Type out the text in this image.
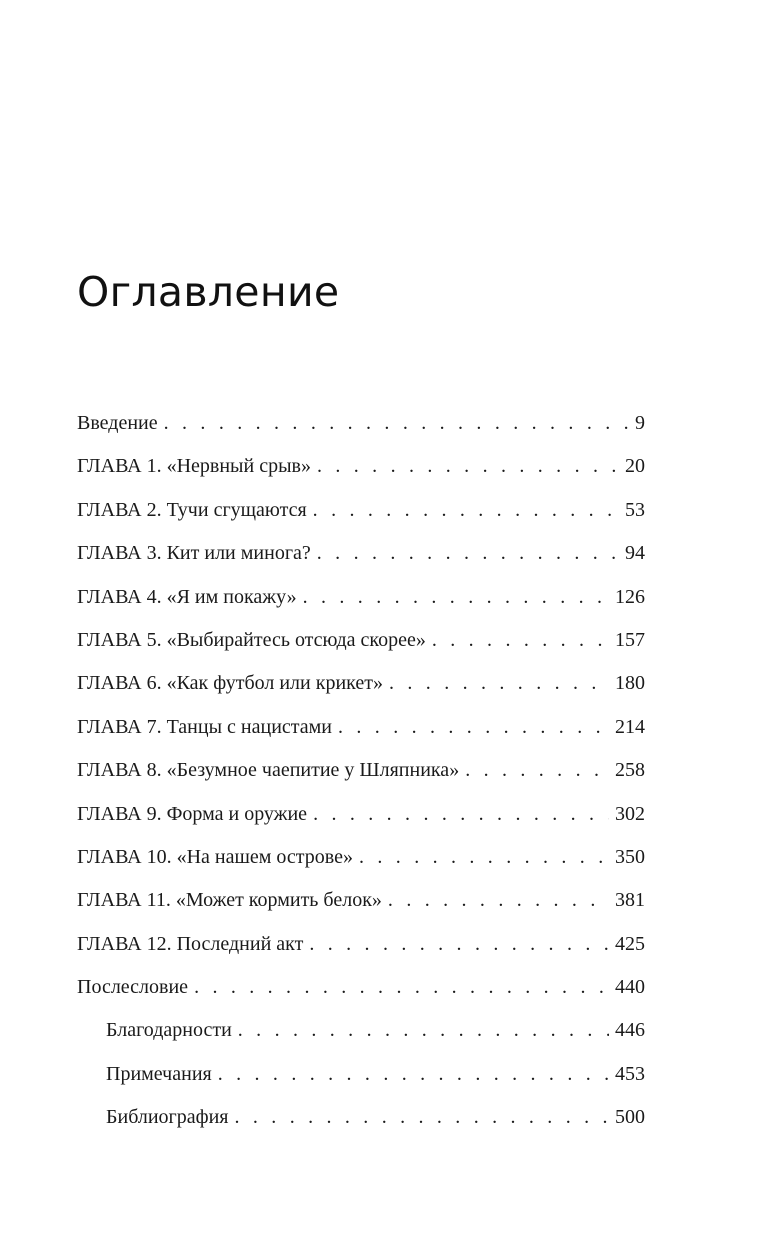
Оглавление
Введение . . .	9
ГЛАВА 1. «Нервный срыв» . . .	20
ГЛАВА 2. Тучи сгущаются . . .	53
ГЛАВА 3. Кит или минога? . . .	94
ГЛАВА 4. «Я им покажу» . . .	126
ГЛАВА 5. «Выбирайтесь отсюда скорее» . . .	157
ГЛАВА 6. «Как футбол или крикет» . . .	180
ГЛАВА 7. Танцы с нацистами . . .	214
ГЛАВА 8. «Безумное чаепитие у Шляпника» . . .	258
ГЛАВА 9. Форма и оружие . . .	302
ГЛАВА 10. «На нашем острове» . . .	350
ГЛАВА 11. «Может кормить белок» . . .	381
ГЛАВА 12. Последний акт . . .	425
Послесловие . . .	440
Благодарности . . .	446
Примечания . . .	453
Библиография . . .	500
